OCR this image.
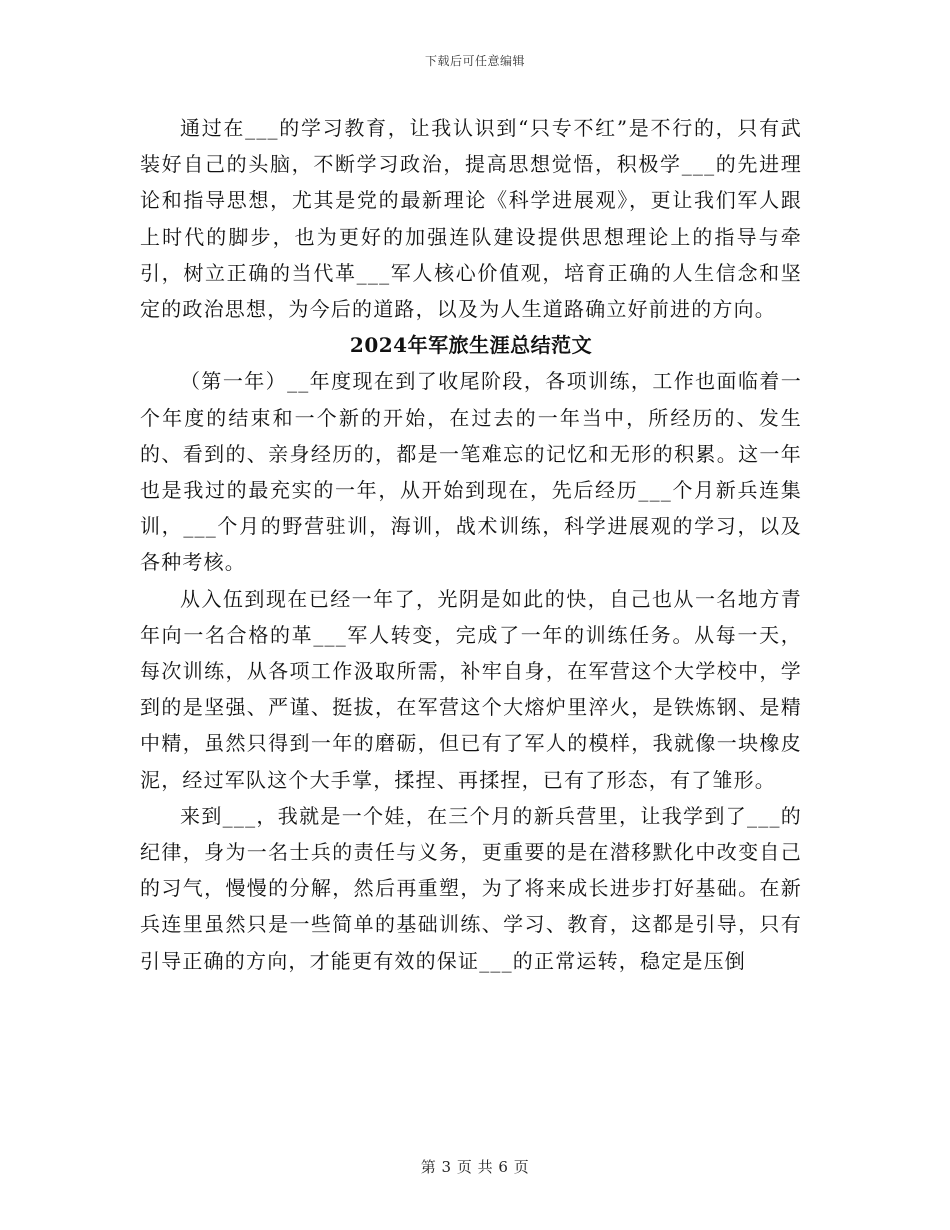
下载后可任意编辑

通过在___的学习教育，让我认识到“只专不红”是不行的，只有武装好自己的头脑，不断学习政治，提高思想觉悟，积极学___的先进理论和指导思想，尤其是党的最新理论《科学进展观》，更让我们军人跟上时代的脚步，也为更好的加强连队建设提供思想理论上的指导与牵引，树立正确的当代革___军人核心价值观，培育正确的人生信念和坚定的政治思想，为今后的道路，以及为人生道路确立好前进的方向。

2024年军旅生涯总结范文

（第一年）__年度现在到了收尾阶段，各项训练，工作也面临着一个年度的结束和一个新的开始，在过去的一年当中，所经历的、发生的、看到的、亲身经历的，都是一笔难忘的记忆和无形的积累。这一年也是我过的最充实的一年，从开始到现在，先后经历___个月新兵连集训，___个月的野营驻训，海训，战术训练，科学进展观的学习，以及各种考核。

从入伍到现在已经一年了，光阴是如此的快，自己也从一名地方青年向一名合格的革___军人转变，完成了一年的训练任务。从每一天，每次训练，从各项工作汲取所需，补牢自身，在军营这个大学校中，学到的是坚强、严谨、挺拔，在军营这个大熔炉里淬火，是铁炼钢、是精中精，虽然只得到一年的磨砺，但已有了军人的模样，我就像一块橡皮泥，经过军队这个大手掌，揉捏、再揉捏，已有了形态，有了雏形。

来到___，我就是一个娃，在三个月的新兵营里，让我学到了___的纪律，身为一名士兵的责任与义务，更重要的是在潜移默化中改变自己的习气，慢慢的分解，然后再重塑，为了将来成长进步打好基础。在新兵连里虽然只是一些简单的基础训练、学习、教育，这都是引导，只有引导正确的方向，才能更有效的保证___的正常运转，稳定是压倒

第 3 页 共 6 页
